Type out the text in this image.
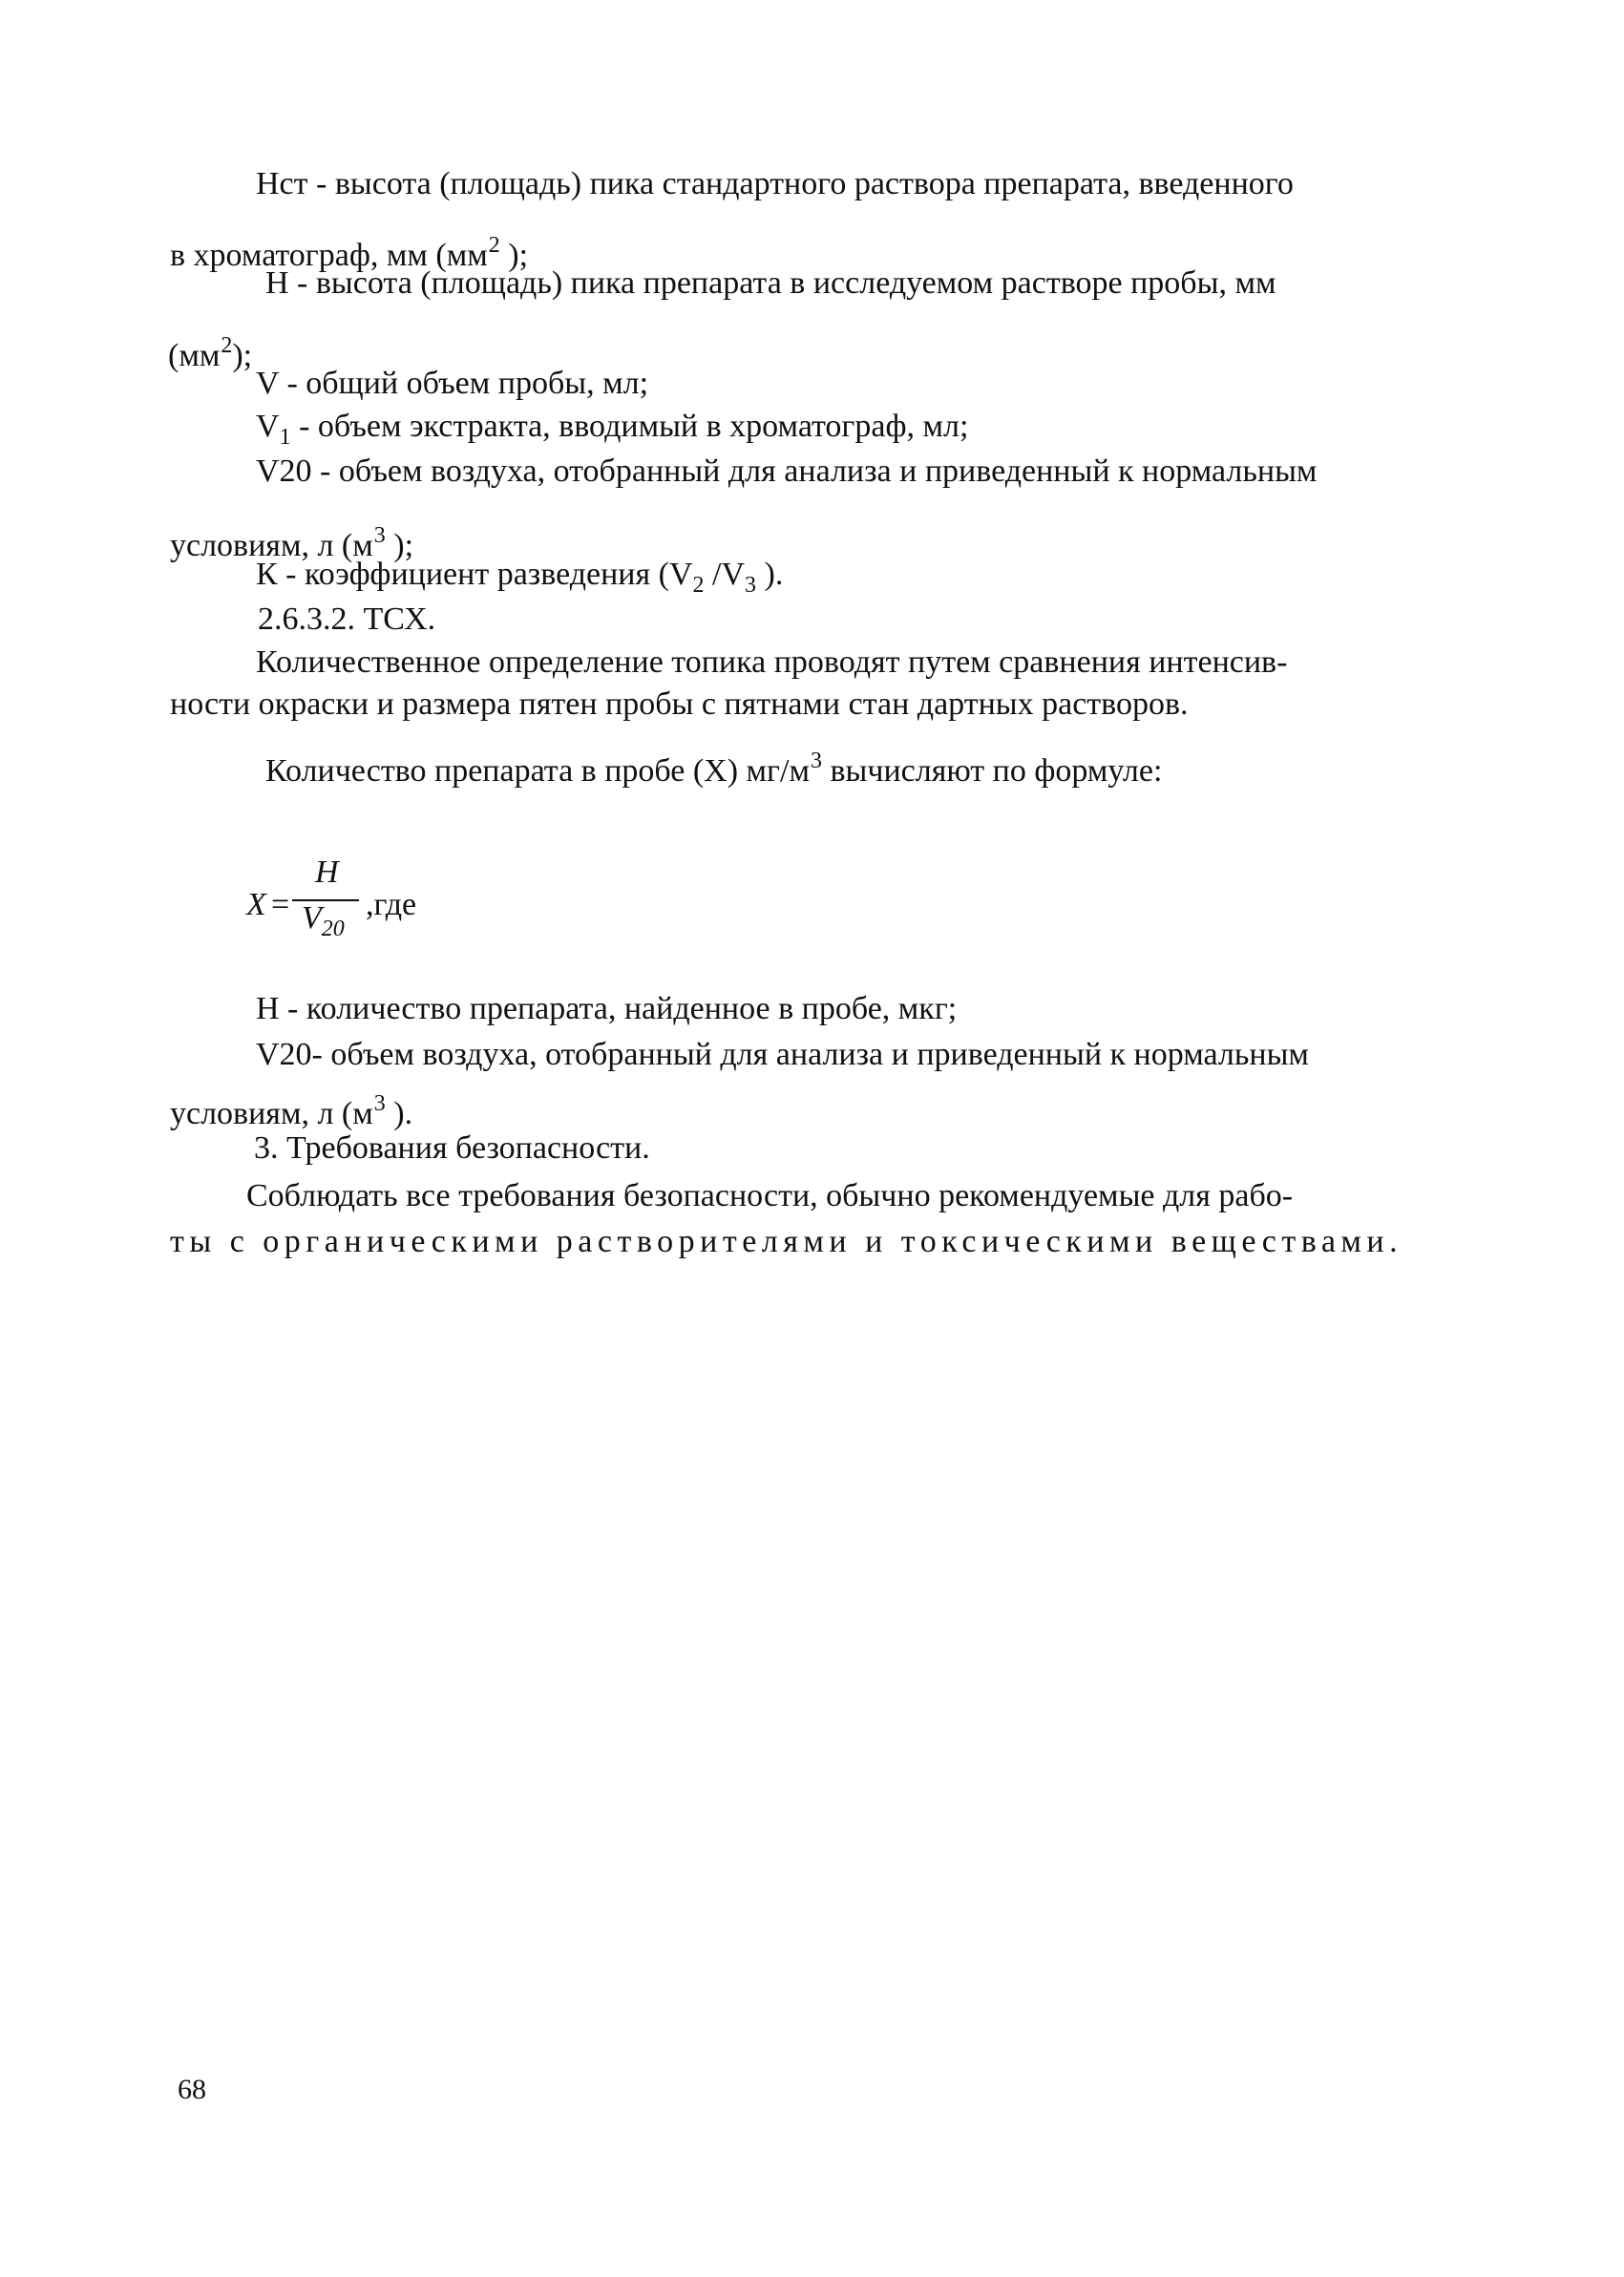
Нст - высота (площадь) пика стандартного раствора препарата, введенного
в хроматограф, мм ($мм^2$ );
Н - высота (площадь) пика препарата в исследуемом растворе пробы, мм
$(мм^2)$;
V - общий объем пробы, мл;
$V_1$ - объем экстракта, вводимый в хроматограф, мл;
V20 - объем воздуха, отобранный для анализа и приведенный к нормальным
условиям, л ($м^3$ );
К - коэффициент разведения ($V_2$ $/V_3$ ).
2.6.3.2. ТСХ.
Количественное определение топика проводят путем сравнения интенсив-
ности окраски и размера пятен пробы с пятнами стан дартных растворов.
Количество препарата в пробе (X) $мг/м^3$ вычисляют по формуле:
X =
H
$V_{20}$
,где
Н - количество препарата, найденное в пробе, мкг;
V20- объем воздуха, отобранный для анализа и приведенный к нормальным
условиям, л ($м^3$ ).
3. Требования безопасности.
Соблюдать все требования безопасности, обычно рекомендуемые для рабо-
ты с органическими растворителями и токсическими веществами.
68
